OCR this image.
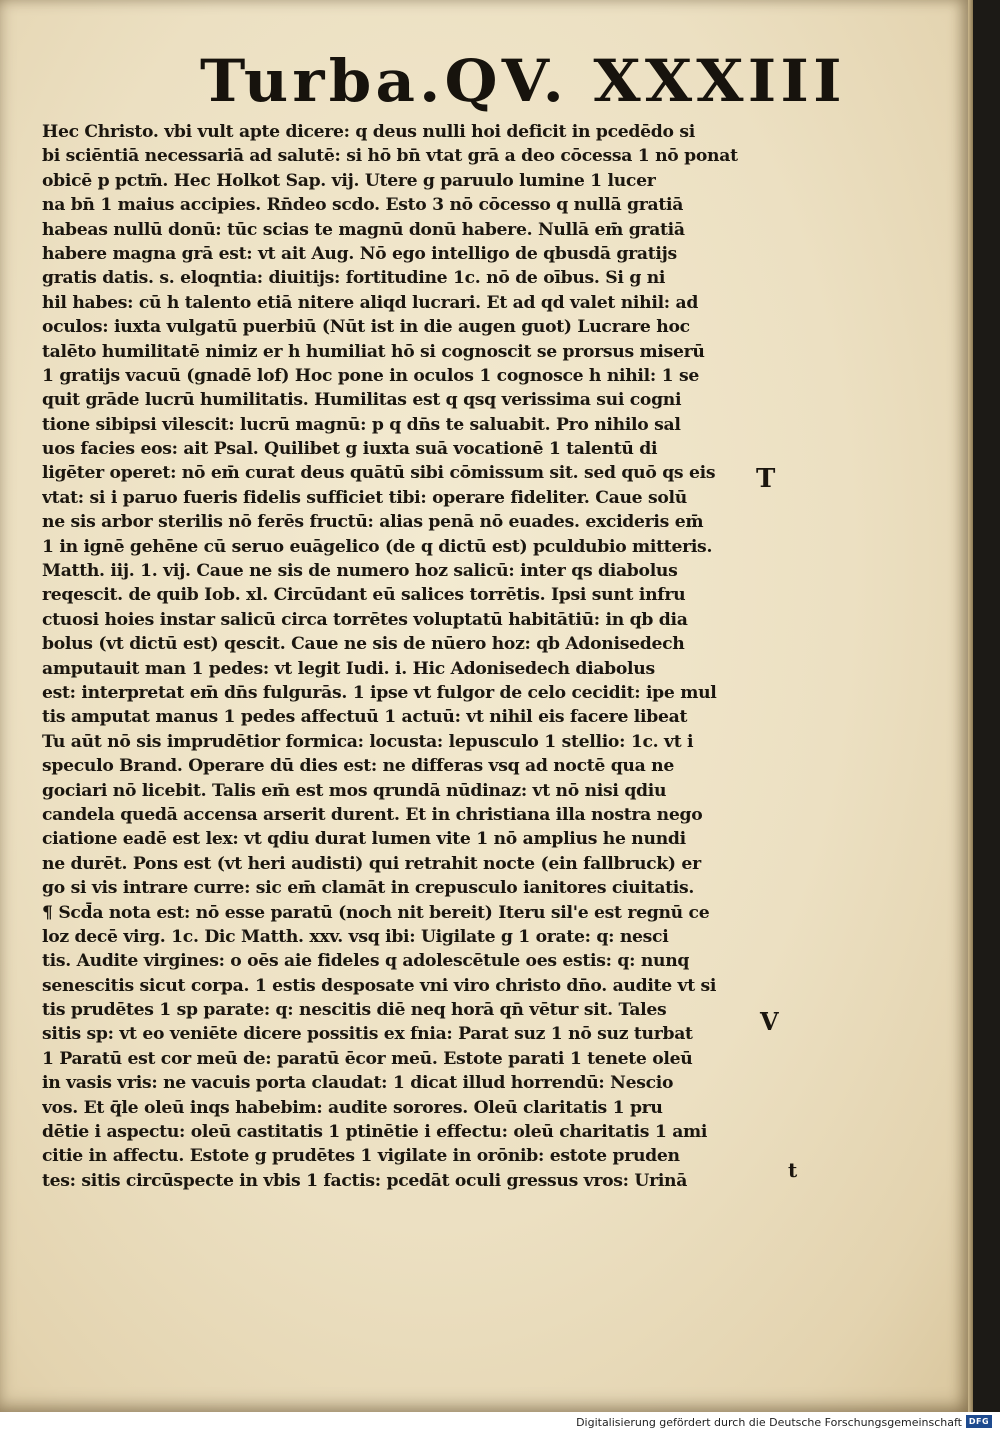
Turba.QV. XXXIII
Hec Christo. vbi vult apte dicere: q deus nulli hoi deficit in pcedēdo si
bi sciēntiā necessariā ad salutē: si hō bn̄ vtat grā a deo cōcessa 1 nō ponat
obicē p pctm̄. Hec Holkot Sap. vij. Utere g paruulo lumine 1 lucer
na bn̄ 1 maius accipies. Rn̄deo scdo. Esto 3 nō cōcesso q nullā gratiā
habeas nullū donū: tūc scias te magnū donū habere. Nullā em̄ gratiā
habere magna grā est: vt ait Aug. Nō ego intelligo de qbusdā gratijs
gratis datis. s. eloqntia: diuitijs: fortitudine 1c. nō de oībus. Si g ni
hil habes: cū h talento etiā nitere aliqd lucrari. Et ad qd valet nihil: ad
oculos: iuxta vulgatū puerbiū (Nūt ist in die augen guot) Lucrare hoc
talēto humilitatē nimiz er h humiliat hō si cognoscit se prorsus miserū
1 gratijs vacuū (gnadē lof) Hoc pone in oculos 1 cognosce h nihil: 1 se
quit grāde lucrū humilitatis. Humilitas est q qsq verissima sui cogni
tione sibipsi vilescit: lucrū magnū: p q dn̄s te saluabit. Pro nihilo sal
uos facies eos: ait Psal. Quilibet g iuxta suā vocationē 1 talentū di
ligēter operet: nō em̄ curat deus quātū sibi cōmissum sit. sed quō qs eis
vtat: si i paruo fueris fidelis sufficiet tibi: operare fideliter. Caue solū
ne sis arbor sterilis nō ferēs fructū: alias penā nō euades. excideris em̄
1 in ignē gehēne cū seruo euāgelico (de q dictū est) pculdubio mitteris.
Matth. iij. 1. vij. Caue ne sis de numero hoz salicū: inter qs diabolus
reqescit. de quib Iob. xl. Circūdant eū salices torrētis. Ipsi sunt infru
ctuosi hoies instar salicū circa torrētes voluptatū habitātiū: in qb dia
bolus (vt dictū est) qescit. Caue ne sis de nūero hoz: qb Adonisedech
amputauit man 1 pedes: vt legit Iudi. i. Hic Adonisedech diabolus
est: interpretat em̄ dn̄s fulgurās. 1 ipse vt fulgor de celo cecidit: ipe mul
tis amputat manus 1 pedes affectuū 1 actuū: vt nihil eis facere libeat
Tu aūt nō sis imprudētior formica: locusta: lepusculo 1 stellio: 1c. vt i
speculo Brand. Operare dū dies est: ne differas vsq ad noctē qua ne
gociari nō licebit. Talis em̄ est mos qrundā nūdinaz: vt nō nisi qdiu
candela quedā accensa arserit durent. Et in christiana illa nostra nego
ciatione eadē est lex: vt qdiu durat lumen vite 1 nō amplius he nundi
ne durēt. Pons est (vt heri audisti) qui retrahit nocte (ein fallbruck) er
go si vis intrare curre: sic em̄ clamāt in crepusculo ianitores ciuitatis.
¶ Scd̄a nota est: nō esse paratū (noch nit bereit) Iteru sil'e est regnū ce
loz decē virg. 1c. Dic Matth. xxv. vsq ibi: Uigilate g 1 orate: q: nesci
tis. Audite virgines: o oēs aie fideles q adolescētule oes estis: q: nunq
senescitis sicut corpa. 1 estis desposate vni viro christo dn̄o. audite vt si
tis prudētes 1 sp parate: q: nescitis diē neq horā qn̄ vētur sit. Tales
sitis sp: vt eo veniēte dicere possitis ex fnia: Parat suz 1 nō suz turbat
1 Paratū est cor meū de: paratū ēcor meū. Estote parati 1 tenete oleū
in vasis vris: ne vacuis porta claudat: 1 dicat illud horrendū: Nescio
vos. Et q̄le oleū inqs habebim: audite sorores. Oleū claritatis 1 pru
dētie i aspectu: oleū castitatis 1 ptinētie i effectu: oleū charitatis 1 ami
citie in affectu. Estote g prudētes 1 vigilate in orōnib: estote pruden
tes: sitis circūspecte in vbis 1 factis: pcedāt oculi gressus vros: Urinā
T
V
t
Digitalisierung gefördert durch die Deutsche Forschungsgemeinschaft DFG
